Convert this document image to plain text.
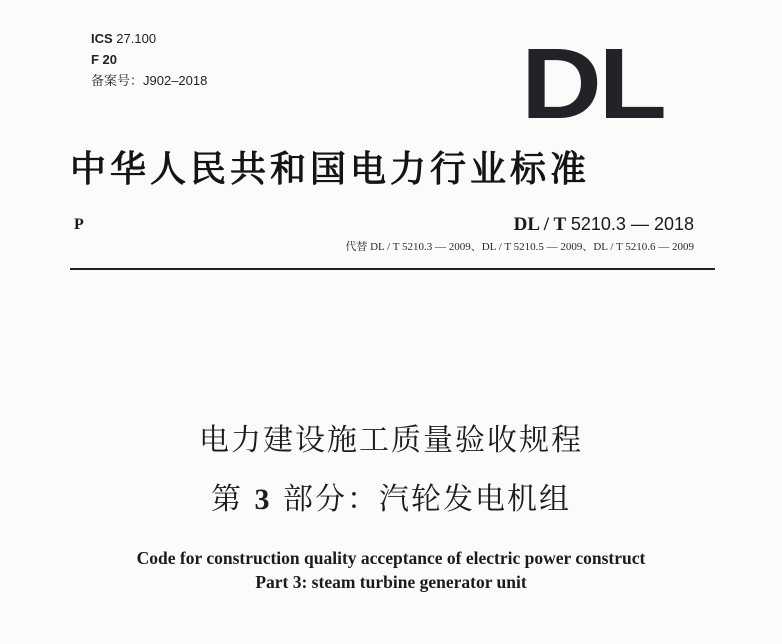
ICS 27.100
F 20
备案号：J902–2018	DL
中华人民共和国电力行业标准
P	DL / T 5210.3 — 2018
代替 DL / T 5210.3 — 2009、DL / T 5210.5 — 2009、DL / T 5210.6 — 2009
电力建设施工质量验收规程
第 3 部分：汽轮发电机组
Code for construction quality acceptance of electric power construct
Part 3: steam turbine generator unit
